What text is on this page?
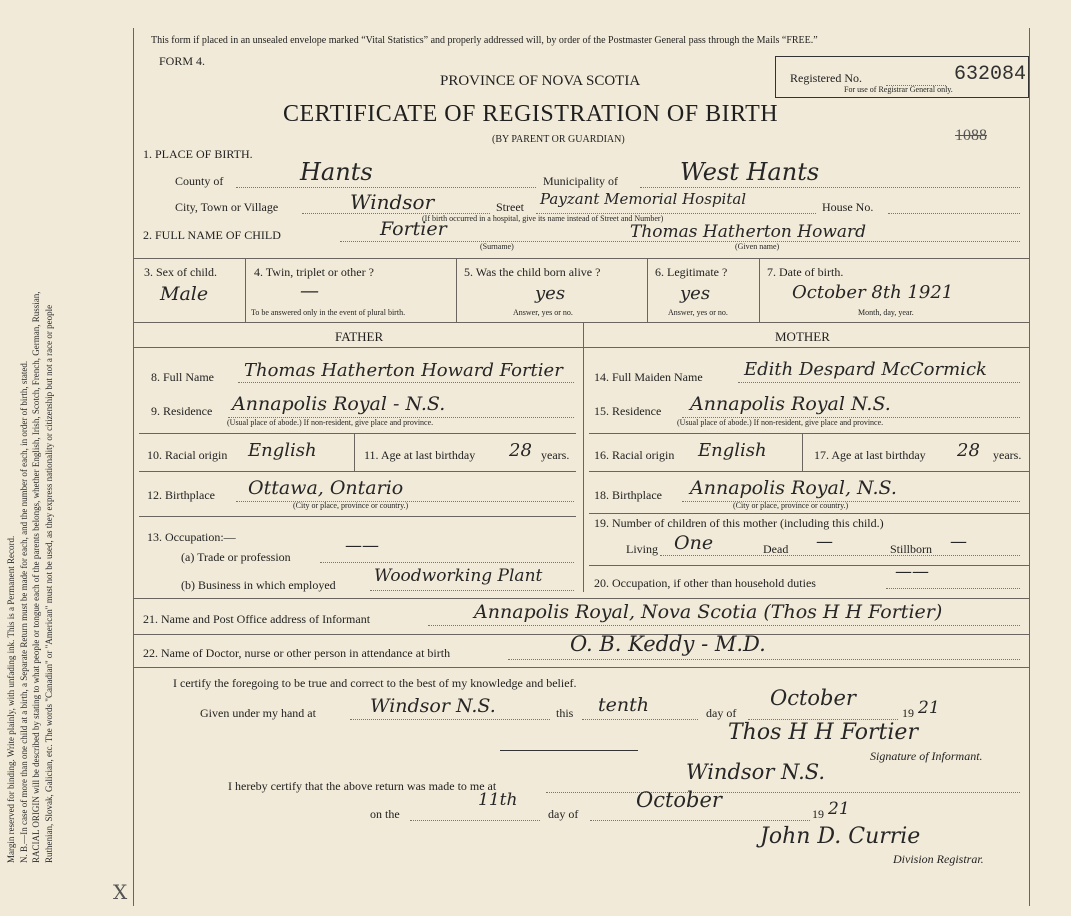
Margin reserved for binding. Write plainly, with unfading ink. This is a Permanent Record. N. B.—In case of more than one child at a birth, a Separate Return must be made for each, and the number of each, in order of birth, stated. RACIAL ORIGIN will be described by stating to what people or tongue each of the parents belongs, whether English, Irish, Scotch, French, German, Russian, Ruthenian, Slovak, Galician, etc. The words "Canadian" or "American" must not be used, as they express nationality or citizenship but not a race or people
X
This form if placed in an unsealed envelope marked “Vital Statistics” and properly addressed will, by order of the Postmaster General pass through the Mails “FREE.”
FORM 4.
PROVINCE OF NOVA SCOTIA
CERTIFICATE OF REGISTRATION OF BIRTH
(BY PARENT OR GUARDIAN)
Registered No.	632084
For use of Registrar General only.
1088
1. PLACE OF BIRTH.
County of	Hants	Municipality of	West Hants
City, Town or Village	Windsor	Street Payzant Memorial Hospital	House No.
(If birth occurred in a hospital, give its name instead of Street and Number)
2. FULL NAME OF CHILD	Fortier	Thomas Hatherton Howard
(Surname)	(Given name)
3. Sex of child.
Male
4. Twin, triplet or other ?
—
To be answered only in the event of plural birth.
5. Was the child born alive ?
yes
Answer, yes or no.
6. Legitimate ?
yes
Answer, yes or no.
7. Date of birth.
October 8th 1921
Month, day, year.
FATHER	MOTHER
8. Full Name Thomas Hatherton Howard Fortier
9. Residence Annapolis Royal - N.S.
(Usual place of abode.) If non-resident, give place and province.
10. Racial origin English	11. Age at last birthday 28 years.
12. Birthplace Ottawa, Ontario
(City or place, province or country.)
13. Occupation:—
(a) Trade or profession
——
(b) Business in which employed Woodworking Plant
14. Full Maiden Name Edith Despard McCormick
15. Residence Annapolis Royal N.S.
(Usual place of abode.) If non-resident, give place and province.
16. Racial origin English	17. Age at last birthday 28 years.
18. Birthplace Annapolis Royal, N.S.
(City or place, province or country.)
19. Number of children of this mother (including this child.)
Living One	Dead —	Stillborn —
20. Occupation, if other than household duties
——
21. Name and Post Office address of Informant	Annapolis Royal, Nova Scotia (Thos H H Fortier)
22. Name of Doctor, nurse or other person in attendance at birth	O. B. Keddy - M.D.
I certify the foregoing to be true and correct to the best of my knowledge and belief.
Given under my hand at	Windsor N.S.	this tenth	day of
October
19 21
Thos H H Fortier
Signature of Informant.
I hereby certify that the above return was made to me at
Windsor N.S.
on the
11th
day of
October
19 21
John D. Currie
Division Registrar.
